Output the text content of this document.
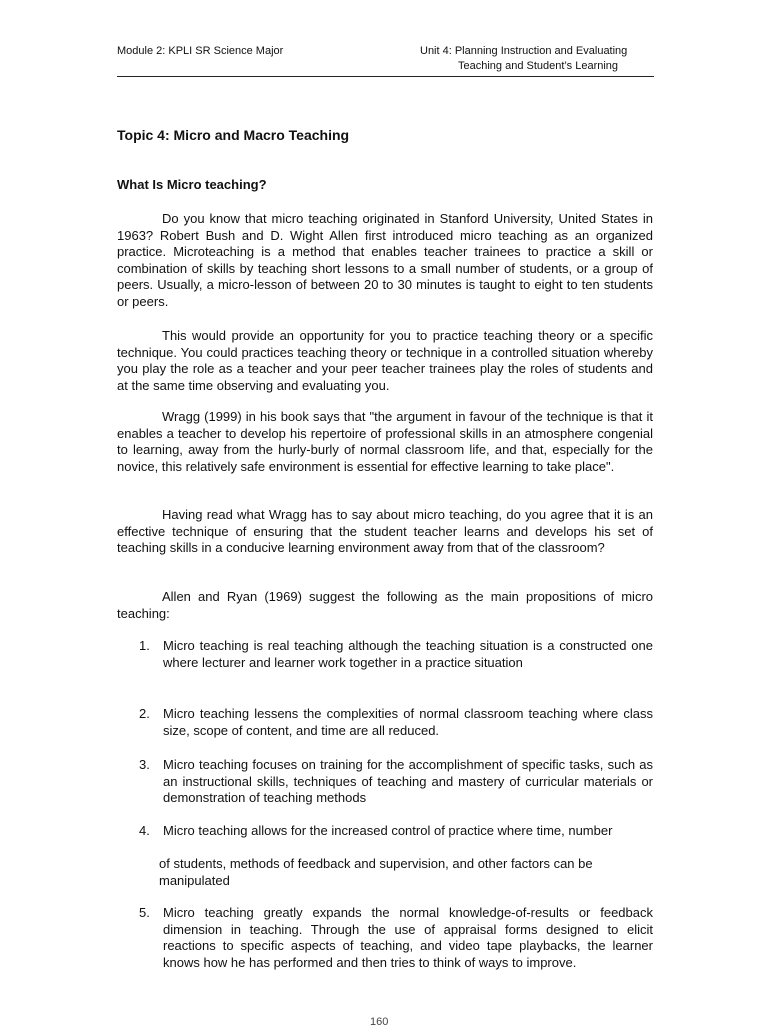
Module 2: KPLI SR Science Major	Unit 4: Planning Instruction and Evaluating
Teaching and Student’s Learning
Topic 4: Micro and Macro Teaching
What Is Micro teaching?

Do you know that micro teaching originated in Stanford University, United States in 1963? Robert Bush and D. Wight Allen first introduced micro teaching as an organized practice. Microteaching is a method that enables teacher trainees to practice a skill or combination of skills by teaching short lessons to a small number of students, or a group of peers. Usually, a micro-lesson of between 20 to 30 minutes is taught to eight to ten students or peers.

This would provide an opportunity for you to practice teaching theory or a specific technique. You could practices teaching theory or technique in a controlled situation whereby you play the role as a teacher and your peer teacher trainees play the roles of students and at the same time observing and evaluating you.

Wragg (1999) in his book says that "the argument in favour of the technique is that it enables a teacher to develop his repertoire of professional skills in an atmosphere congenial to learning, away from the hurly-burly of normal classroom life, and that, especially for the novice, this relatively safe environment is essential for effective learning to take place".

Having read what Wragg has to say about micro teaching, do you agree that it is an effective technique of ensuring that the student teacher learns and develops his set of teaching skills in a conducive learning environment away from that of the classroom?

Allen and Ryan (1969) suggest the following as the main propositions of micro teaching:

1.	Micro teaching is real teaching although the teaching situation is a constructed one where lecturer and learner work together in a practice situation
2.	Micro teaching lessens the complexities of normal classroom teaching where class size, scope of content, and time are all reduced.
3.	Micro teaching focuses on training for the accomplishment of specific tasks, such as an instructional skills, techniques of teaching and mastery of curricular materials or demonstration of teaching methods
4.	Micro teaching allows for the increased control of practice where time, number
of students, methods of feedback and supervision, and other factors can be manipulated
5.	Micro teaching greatly expands the normal knowledge-of-results or feedback dimension in teaching. Through the use of appraisal forms designed to elicit reactions to specific aspects of teaching, and video tape playbacks, the learner knows how he has performed and then tries to think of ways to improve.
160
